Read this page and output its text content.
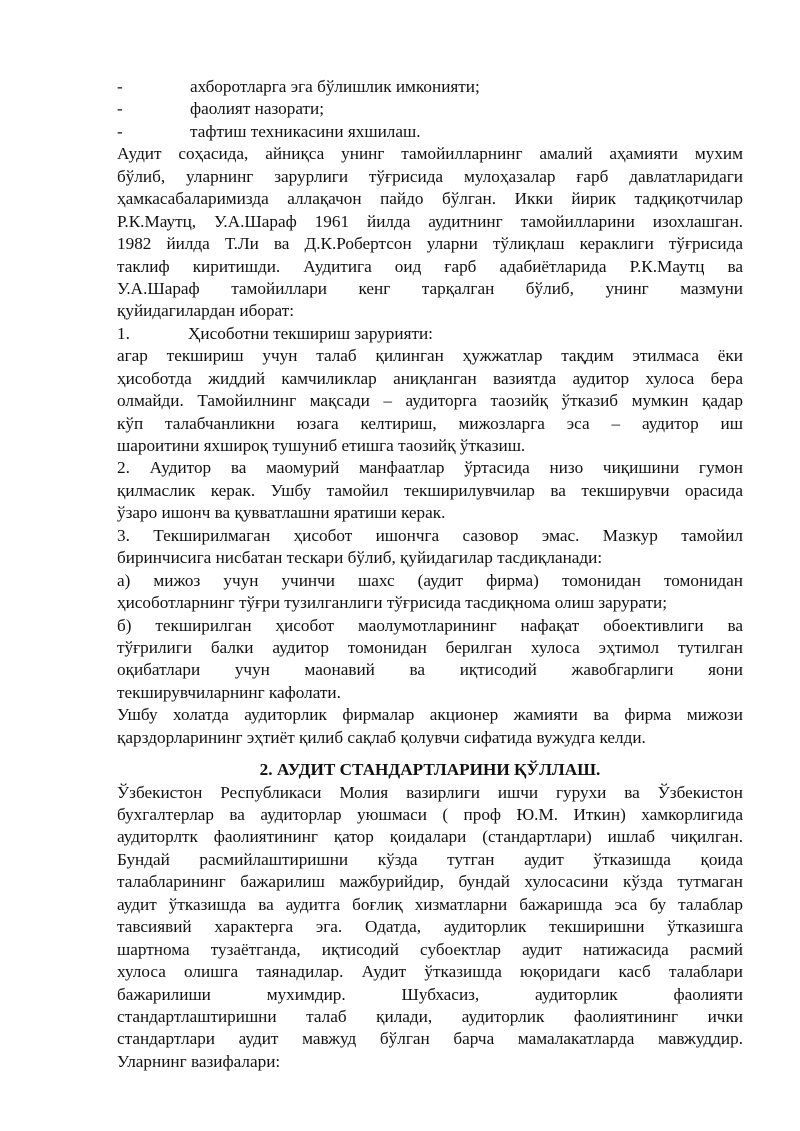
-	ахборотларга эга бўлишлик имконияти;
-	фаолият назорати;
-	тафтиш техникасини яхшилаш.
Аудит соҳасида, айниқса унинг тамойилларнинг амалий аҳамияти мухим
бўлиб, уларнинг зарурлиги тўғрисида мулоҳазалар ғарб давлатларидаги
ҳамкасабаларимизда аллақачон пайдо бўлган. Икки йирик тадқиқотчилар
Р.К.Маутц, У.А.Шараф 1961 йилда аудитнинг тамойилларини изохлашган.
1982 йилда Т.Ли ва Д.К.Робертсон уларни тўлиқлаш кераклиги тўғрисида
таклиф киритишди. Аудитига оид ғарб адабиётларида Р.К.Маутц ва
У.А.Шараф тамойиллари кенг тарқалган бўлиб, унинг мазмуни
қуйидагилардан иборат:
1.	Ҳисоботни текшириш зарурияти:
агар текшириш учун талаб қилинган ҳужжатлар тақдим этилмаса ёки
ҳисоботда жиддий камчиликлар аниқланган вазиятда аудитор хулоса бера
олмайди. Тамойилнинг мақсади – аудиторга таозийқ ўтказиб мумкин қадар
кўп талабчанликни юзага келтириш, мижозларга эса – аудитор иш
шароитини яхшироқ тушуниб етишга таозийқ ўтказиш.
2. Аудитор ва маомурий манфаатлар ўртасида низо чиқишини гумон
қилмаслик керак. Ушбу тамойил текширилувчилар ва текширувчи орасида
ўзаро ишонч ва қувватлашни яратиши керак.
3. Текширилмаган ҳисобот ишончга сазовор эмас. Мазкур тамойил
биринчисига нисбатан тескари бўлиб, қуйидагилар тасдиқланади:
а) мижоз учун учинчи шахс (аудит фирма) томонидан томонидан
ҳисоботларнинг тўғри тузилганлиги тўғрисида тасдиқнома олиш зарурати;
б) текширилган ҳисобот маолумотларининг нафақат обоективлиги ва
тўғрилиги балки аудитор томонидан берилган хулоса эҳтимол тутилган
оқибатлари учун маонавий ва иқтисодий жавобгарлиги яони
текширувчиларнинг кафолати.
Ушбу холатда аудиторлик фирмалар акционер жамияти ва фирма мижози
қарздорларининг эҳтиёт қилиб сақлаб қолувчи сифатида вужудга келди.
2. АУДИТ СТАНДАРТЛАРИНИ ҚЎЛЛАШ.
Ўзбекистон Республикаси Молия вазирлиги ишчи гурухи ва Ўзбекистон
бухгалтерлар ва аудиторлар уюшмаси ( проф Ю.М. Иткин) хамкорлигида
аудиторлтк фаолиятининг қатор қоидалари (стандартлари) ишлаб чиқилган.
Бундай расмийлаштиришни кўзда тутган аудит ўтказишда қоида
талабларининг бажарилиш мажбурийдир, бундай хулосасини кўзда тутмаган
аудит ўтказишда ва аудитга боғлиқ хизматларни бажаришда эса бу талаблар
тавсиявий характерга эга. Одатда, аудиторлик текширишни ўтказишга
шартнома тузаётганда, иқтисодий субоектлар аудит натижасида расмий
хулоса олишга таянадилар. Аудит ўтказишда юқоридаги касб талаблари
бажарилиши мухимдир. Шубхасиз, аудиторлик фаолияти
стандартлаштиришни талаб қилади, аудиторлик фаолиятининг ички
стандартлари аудит мавжуд бўлган барча мамалакатларда мавжуддир.
Уларнинг вазифалари:
